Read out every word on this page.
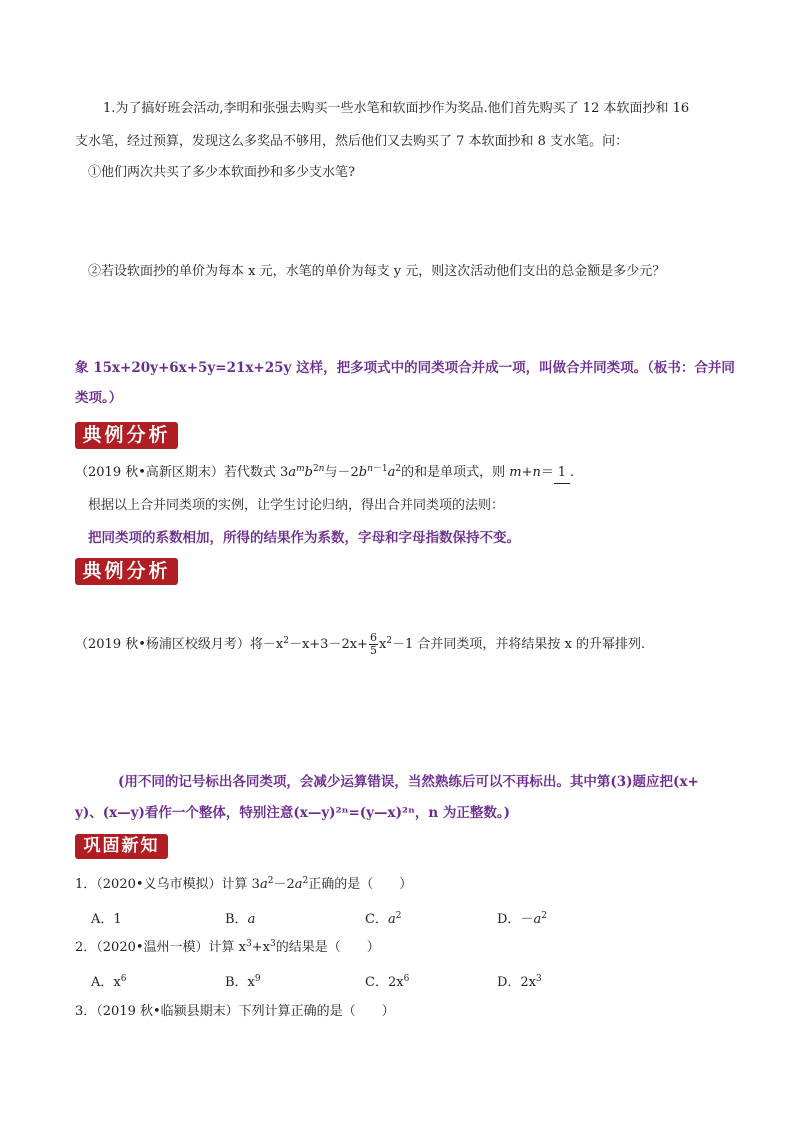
1.为了搞好班会活动,李明和张强去购买一些水笔和软面抄作为奖品.他们首先购买了 12 本软面抄和 16
支水笔，经过预算，发现这么多奖品不够用，然后他们又去购买了 7 本软面抄和 8 支水笔。问：
①他们两次共买了多少本软面抄和多少支水笔?
②若设软面抄的单价为每本 x 元，水笔的单价为每支 y 元，则这次活动他们支出的总金额是多少元？
象 15x+20y+6x+5y=21x+25y 这样，把多项式中的同类项合并成一项，叫做合并同类项。（板书：合并同
类项。）
典例分析
（2019 秋•高新区期末）若代数式 $3a^mb^{2n}$与$-2b^{n-1}a^2$的和是单项式，则 m+n＝ 1 .
根据以上合并同类项的实例，让学生讨论归纳，得出合并同类项的法则：
把同类项的系数相加，所得的结果作为系数，字母和字母指数保持不变。
典例分析
（2019 秋•杨浦区校级月考）将$-x^2-x+3-2x+ \frac{6}{5} x^2-1$ 合并同类项，并将结果按 x 的升幂排列.
(用不同的记号标出各同类项，会减少运算错误，当然熟练后可以不再标出。其中第(3)题应把(x+
y)、(x—y)看作一个整体，特别注意(x—y)²ⁿ=(y—x)²ⁿ，n 为正整数。)
巩固新知
1．（2020•义乌市模拟）计算 $3a^2-2a^2$正确的是（　　）
A．1	B．a	C．$a^2$	D．$-a^2$
2．（2020•温州一模）计算 $x^3+x^3$的结果是（　　）
A．$x^6$	B．$x^9$	C．$2x^6$	D．$2x^3$
3．（2019 秋•临颍县期末）下列计算正确的是（　　）
